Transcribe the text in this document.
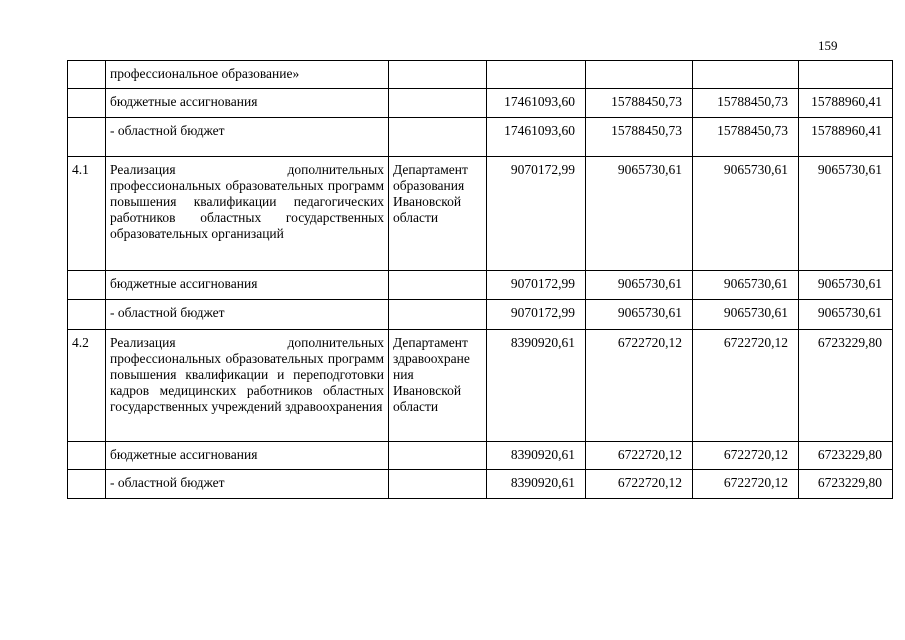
159
	профессиональное образование»					
	бюджетные ассигнования		17461093,60	15788450,73	15788450,73	15788960,41
	- областной бюджет		17461093,60	15788450,73	15788450,73	15788960,41
4.1	Реализация дополнительных профессиональных образовательных программ повышения квалификации педагогических работников областных государственных образовательных организаций	Департамент образования Ивановской области	9070172,99	9065730,61	9065730,61	9065730,61
	бюджетные ассигнования		9070172,99	9065730,61	9065730,61	9065730,61
	- областной бюджет		9070172,99	9065730,61	9065730,61	9065730,61
4.2	Реализация дополнительных профессиональных образовательных программ повышения квалификации и переподготовки кадров медицинских работников областных государственных учреждений здравоохранения	Департамент здравоохране ния Ивановской области	8390920,61	6722720,12	6722720,12	6723229,80
	бюджетные ассигнования		8390920,61	6722720,12	6722720,12	6723229,80
	- областной бюджет		8390920,61	6722720,12	6722720,12	6723229,80
